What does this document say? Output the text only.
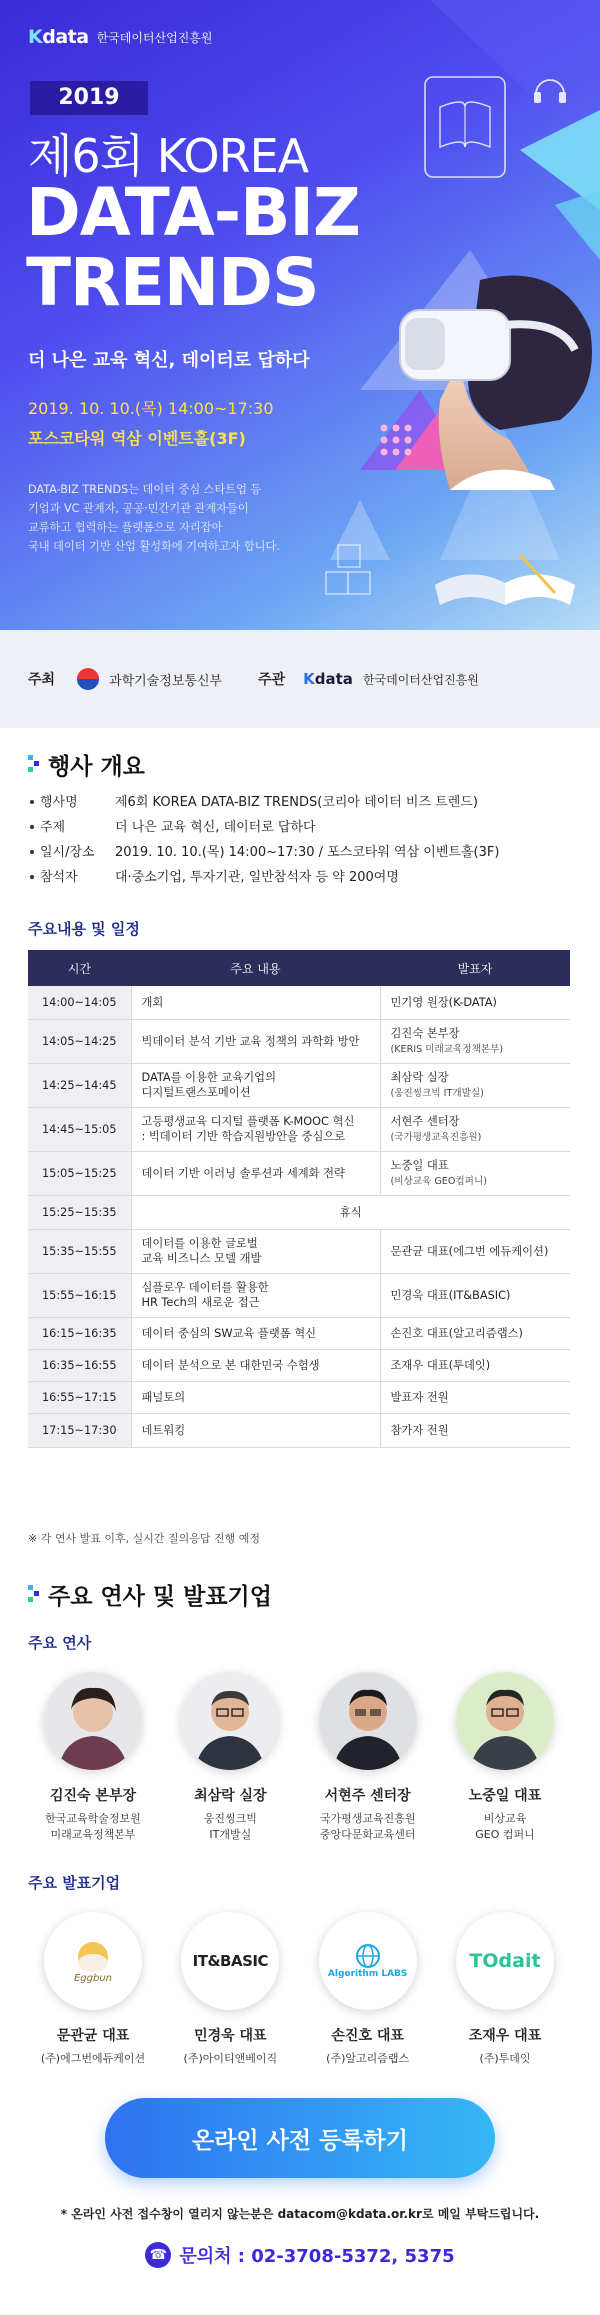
Kdata 한국데이터산업진흥원
2019
제6회 KOREA
DATA-BIZ
TRENDS
더 나은 교육 혁신, 데이터로 답하다
2019. 10. 10.(목) 14:00~17:30
포스코타워 역삼 이벤트홀(3F)
DATA-BIZ TRENDS는 데이터 중심 스타트업 등
기업과 VC 관계자, 공공·민간기관 관계자들이
교류하고 협력하는 플랫폼으로 자리잡아
국내 데이터 기반 산업 활성화에 기여하고자 합니다.
주최	과학기술정보통신부	주관 Kdata 한국데이터산업진흥원
행사 개요
행사명	제6회 KOREA DATA-BIZ TRENDS(코리아 데이터 비즈 트렌드)
주제	더 나은 교육 혁신, 데이터로 답하다
일시/장소	2019. 10. 10.(목) 14:00~17:30 / 포스코타워 역삼 이벤트홀(3F)
참석자	대·중소기업, 투자기관, 일반참석자 등 약 200여명
주요내용 및 일정
시간	주요 내용	발표자
14:00~14:05	개회	민기영 원장(K-DATA)

14:05~14:25	빅데이터 분석 기반 교육 정책의 과학화 방안	김진숙 본부장
(KERIS 미래교육정책본부)
14:25~14:45	DATA를 이용한 교육기업의
디지털트랜스포메이션	최삼락 실장
(웅진씽크빅 IT개발실)
14:45~15:05	고등평생교육 디지털 플랫폼 K-MOOC 혁신
: 빅데이터 기반 학습지원방안을 중심으로	서현주 센터장
(국가평생교육진흥원)
15:05~15:25	데이터 기반 이러닝 솔루션과 세계화 전략	노중일 대표
(비상교육 GEO컴퍼니)
15:25~15:35	휴식	
15:35~15:55	데이터를 이용한 글로벌
교육 비즈니스 모델 개발	문관균 대표(에그번 에듀케이션)

15:55~16:15	심플로우 데이터를 활용한
HR Tech의 새로운 접근	민경욱 대표(IT&BASIC)

16:15~16:35	데이터 중심의 SW교육 플랫폼 혁신	손진호 대표(알고리즘랩스)

16:35~16:55	데이터 분석으로 본 대한민국 수험생	조재우 대표(투데잇)

16:55~17:15	패널토의	발표자 전원

17:15~17:30	네트워킹	참가자 전원
※ 각 연사 발표 이후, 실시간 질의응답 진행 예정
주요 연사 및 발표기업
주요 연사
김진숙 본부장
한국교육학술정보원
미래교육정책본부
최삼락 실장
웅진씽크빅
IT개발실
서현주 센터장
국가평생교육진흥원
중앙다문화교육센터
노중일 대표
비상교육
GEO 컴퍼니
주요 발표기업
Eggbun
문관균 대표
(주)에그번에듀케이션
IT&BASIC
민경욱 대표
(주)아이티앤베이직
Algorithm LABS
손진호 대표
(주)알고리즘랩스
TOdait
조재우 대표
(주)투데잇
온라인 사전 등록하기
* 온라인 사전 접수창이 열리지 않는분은 datacom@kdata.or.kr로 메일 부탁드립니다.
☎ 문의처 : 02-3708-5372, 5375
